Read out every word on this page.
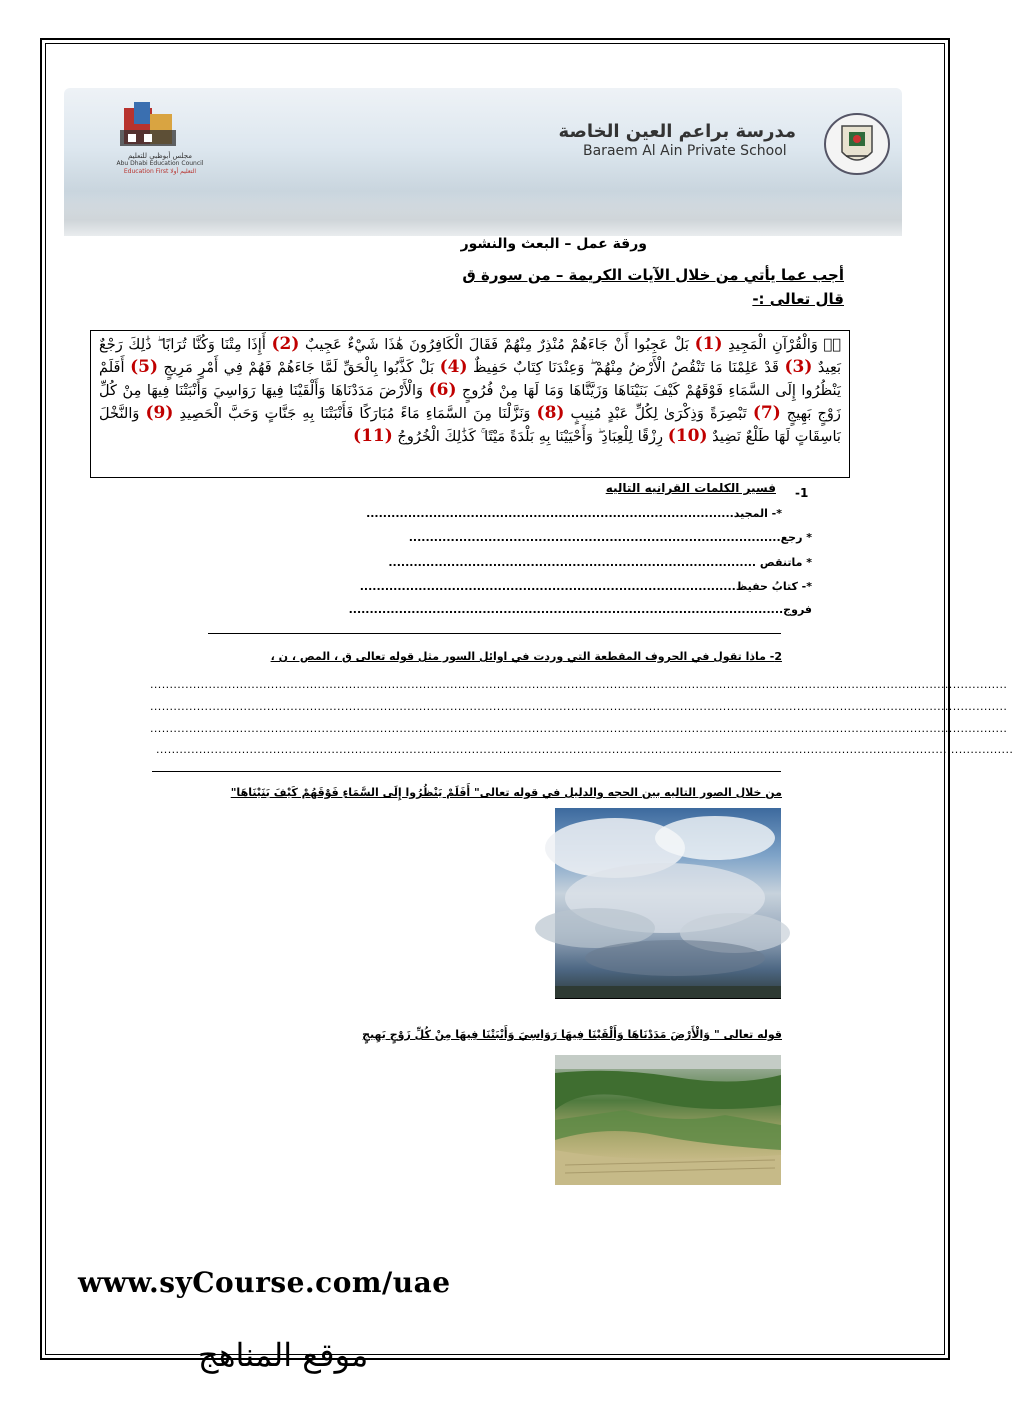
مدرسة براعم العين الخاصة
Baraem Al Ain Private School
مجلس أبوظبي للتعليم
Abu Dhabi Education Council
Education First التعليم أولا
ورقة عمل – البعث والنشور
أجب عما يأتي من خلال الآيات الكريمة – من سورة ق
قال تعالى :-
قۚ وَالْقُرْآنِ الْمَجِيدِ (1) بَلْ عَجِبُوا أَنْ جَاءَهُمْ مُنْذِرٌ مِنْهُمْ فَقَالَ الْكَافِرُونَ هَٰذَا شَيْءٌ عَجِيبٌ (2) أَإِذَا مِتْنَا وَكُنَّا تُرَابًا ۖ ذَٰلِكَ رَجْعٌ بَعِيدٌ (3) قَدْ عَلِمْنَا مَا تَنْقُصُ الْأَرْضُ مِنْهُمْ ۖ وَعِنْدَنَا كِتَابٌ حَفِيظٌ (4) بَلْ كَذَّبُوا بِالْحَقِّ لَمَّا جَاءَهُمْ فَهُمْ فِي أَمْرٍ مَرِيجٍ (5) أَفَلَمْ يَنْظُرُوا إِلَى السَّمَاءِ فَوْقَهُمْ كَيْفَ بَنَيْنَاهَا وَزَيَّنَّاهَا وَمَا لَهَا مِنْ فُرُوجٍ (6) وَالْأَرْضَ مَدَدْنَاهَا وَأَلْقَيْنَا فِيهَا رَوَاسِيَ وَأَنْبَتْنَا فِيهَا مِنْ كُلِّ زَوْجٍ بَهِيجٍ (7) تَبْصِرَةً وَذِكْرَىٰ لِكُلِّ عَبْدٍ مُنِيبٍ (8) وَنَزَّلْنَا مِنَ السَّمَاءِ مَاءً مُبَارَكًا فَأَنْبَتْنَا بِهِ جَنَّاتٍ وَحَبَّ الْحَصِيدِ (9) وَالنَّخْلَ بَاسِقَاتٍ لَهَا طَلْعٌ نَضِيدٌ (10) رِزْقًا لِلْعِبَادِ ۖ وَأَحْيَيْنَا بِهِ بَلْدَةً مَيْتًا ۚ كَذَٰلِكَ الْخُرُوجُ (11)
-1
فسير الكلمات القرانيه التاليه
*- المجيد........................................................................................
* رجع.........................................................................................
* ماتنقص ........................................................................................
*- كتابُ حفيظ..........................................................................................
فروج........................................................................................................
2- ماذا تقول في الحروف المقطعة التي وردت في اوائل السور مثل قوله تعالى ق ، المص ، ن ،
............................................................................................................................................................................................................................
............................................................................................................................................................................................................................
............................................................................................................................................................................................................................
............................................................................................................................................................................................................................
من خلال الصور التاليه بين الحجه والدليل في قوله تعالى" أَفَلَمْ يَنْظُرُوا إِلَى السَّمَاءِ فَوْقَهُمْ كَيْفَ بَنَيْنَاهَا"
قوله تعالى " وَالْأَرْضَ مَدَدْنَاهَا وَأَلْقَيْنَا فِيهَا رَوَاسِيَ وَأَنْبَتْنَا فِيهَا مِنْ كُلِّ زَوْجٍ بَهِيجٍ
www.syCourse.com/uae
موقع المناهج
